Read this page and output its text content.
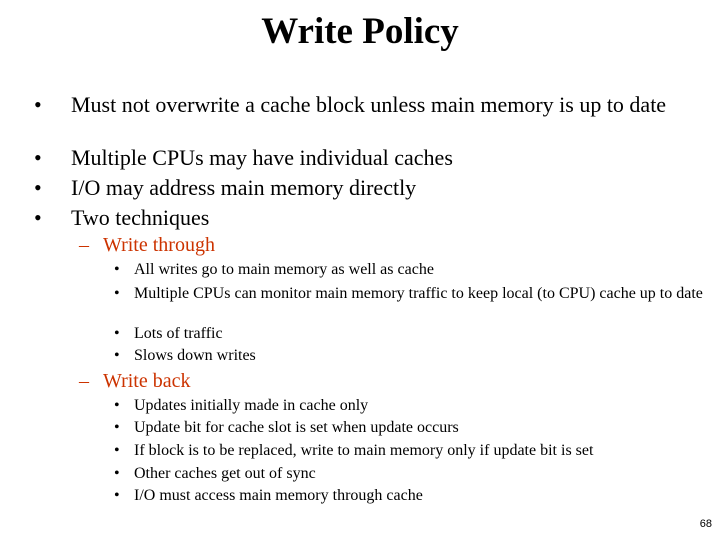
Write Policy
• Must not overwrite a cache block unless main memory is up to date
• Multiple CPUs may have individual caches
• I/O may address main memory directly
• Two techniques
– Write through
• All writes go to main memory as well as cache
• Multiple CPUs can monitor main memory traffic to keep local (to CPU) cache up to date
• Lots of traffic
• Slows down writes
– Write back
• Updates initially made in cache only
• Update bit for cache slot is set when update occurs
• If block is to be replaced, write to main memory only if update bit is set
• Other caches get out of sync
• I/O must access main memory through cache
68
